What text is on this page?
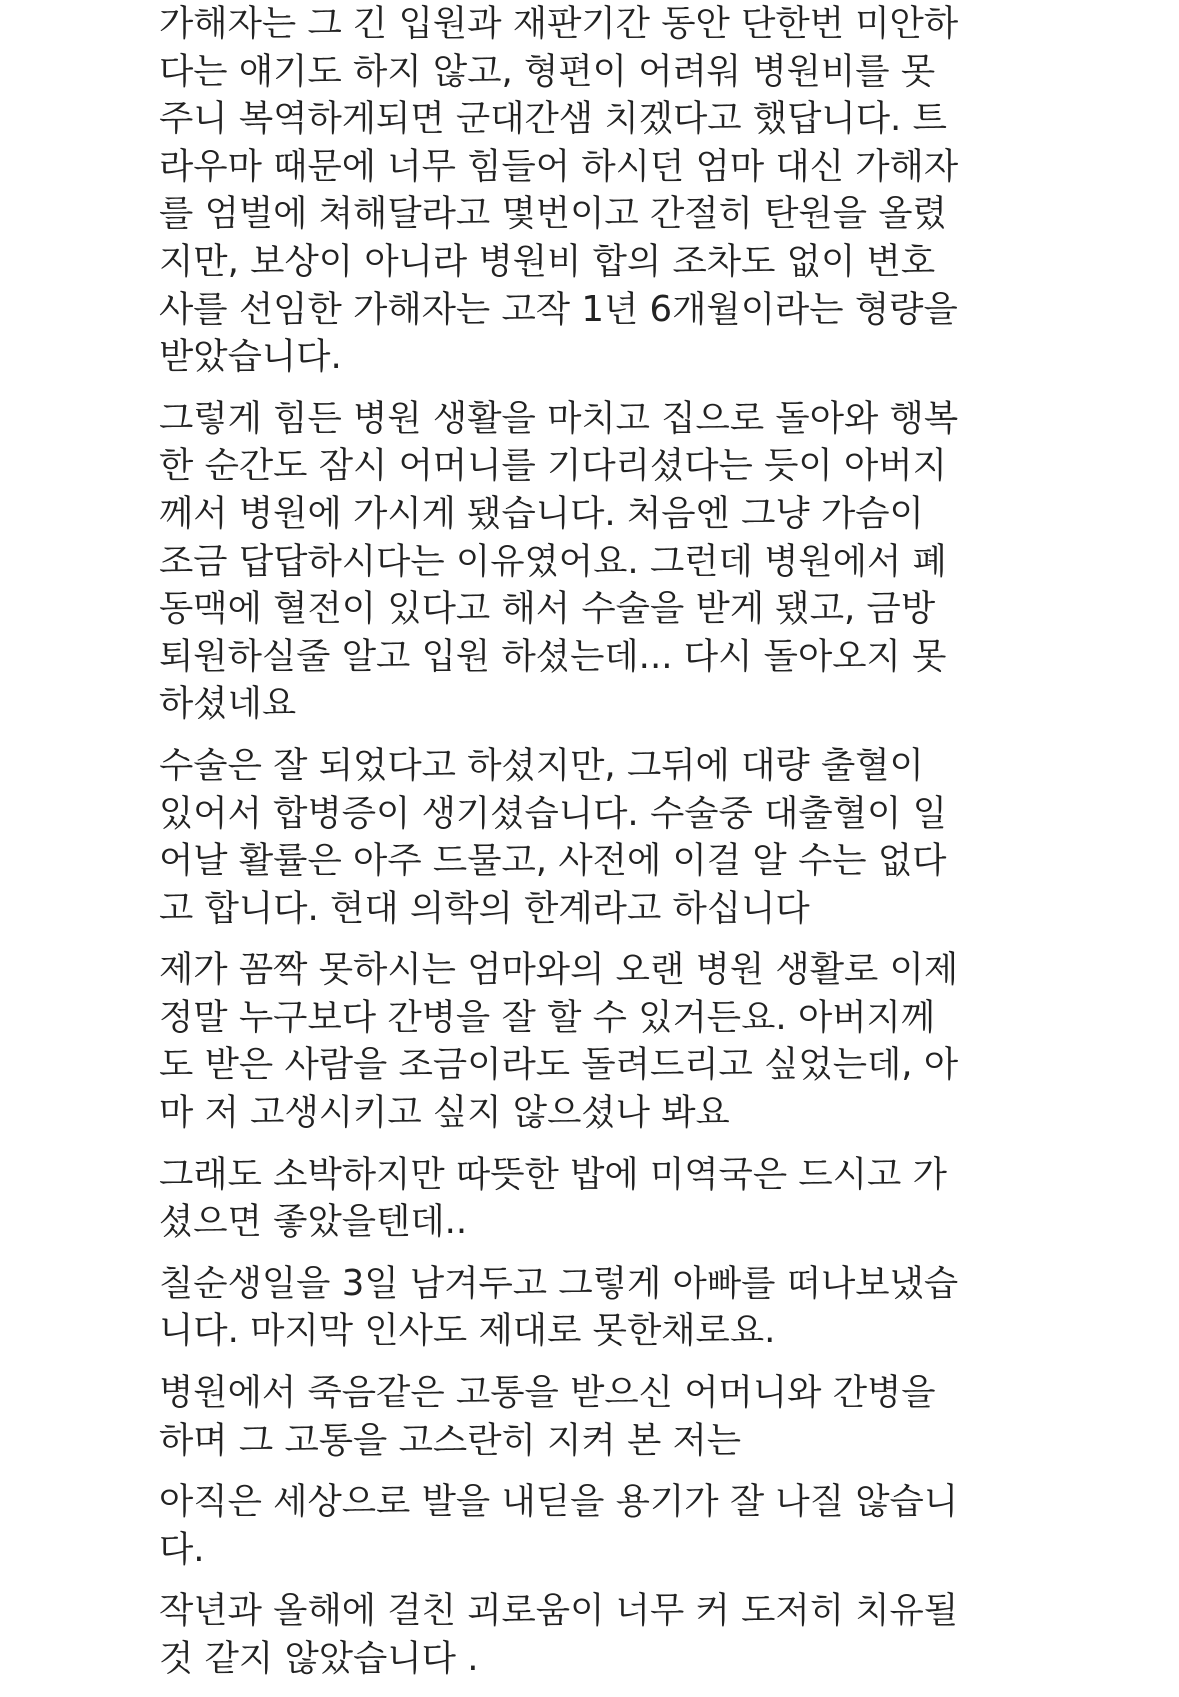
가해자는 그 긴 입원과 재판기간 동안 단한번 미안하
다는 얘기도 하지 않고, 형편이 어려워 병원비를 못
주니 복역하게되면 군대간샘 치겠다고 했답니다. 트
라우마 때문에 너무 힘들어 하시던 엄마 대신 가해자
를 엄벌에 쳐해달라고 몇번이고 간절히 탄원을 올렸
지만, 보상이 아니라 병원비 합의 조차도 없이 변호
사를 선임한 가해자는 고작 1년 6개월이라는 형량을
받았습니다.

그렇게 힘든 병원 생활을 마치고 집으로 돌아와 행복
한 순간도 잠시 어머니를 기다리셨다는 듯이 아버지
께서 병원에 가시게 됐습니다. 처음엔 그냥 가슴이
조금 답답하시다는 이유였어요. 그런데 병원에서 폐
동맥에 혈전이 있다고 해서 수술을 받게 됐고, 금방
퇴원하실줄 알고 입원 하셨는데... 다시 돌아오지 못
하셨네요

수술은 잘 되었다고 하셨지만, 그뒤에 대량 출혈이
있어서 합병증이 생기셨습니다. 수술중 대출혈이 일
어날 활률은 아주 드물고, 사전에 이걸 알 수는 없다
고 합니다. 현대 의학의 한계라고 하십니다

제가 꼼짝 못하시는 엄마와의 오랜 병원 생활로 이제
정말 누구보다 간병을 잘 할 수 있거든요. 아버지께
도 받은 사람을 조금이라도 돌려드리고 싶었는데, 아
마 저 고생시키고 싶지 않으셨나 봐요

그래도 소박하지만 따뜻한 밥에 미역국은 드시고 가
셨으면 좋았을텐데..

칠순생일을 3일 남겨두고 그렇게 아빠를 떠나보냈습
니다. 마지막 인사도 제대로 못한채로요.

병원에서 죽음같은 고통을 받으신 어머니와 간병을
하며 그 고통을 고스란히 지켜 본 저는

아직은 세상으로 발을 내딛을 용기가 잘 나질 않습니
다.

작년과 올해에 걸친 괴로움이 너무 커 도저히 치유될
것 같지 않았습니다 .
